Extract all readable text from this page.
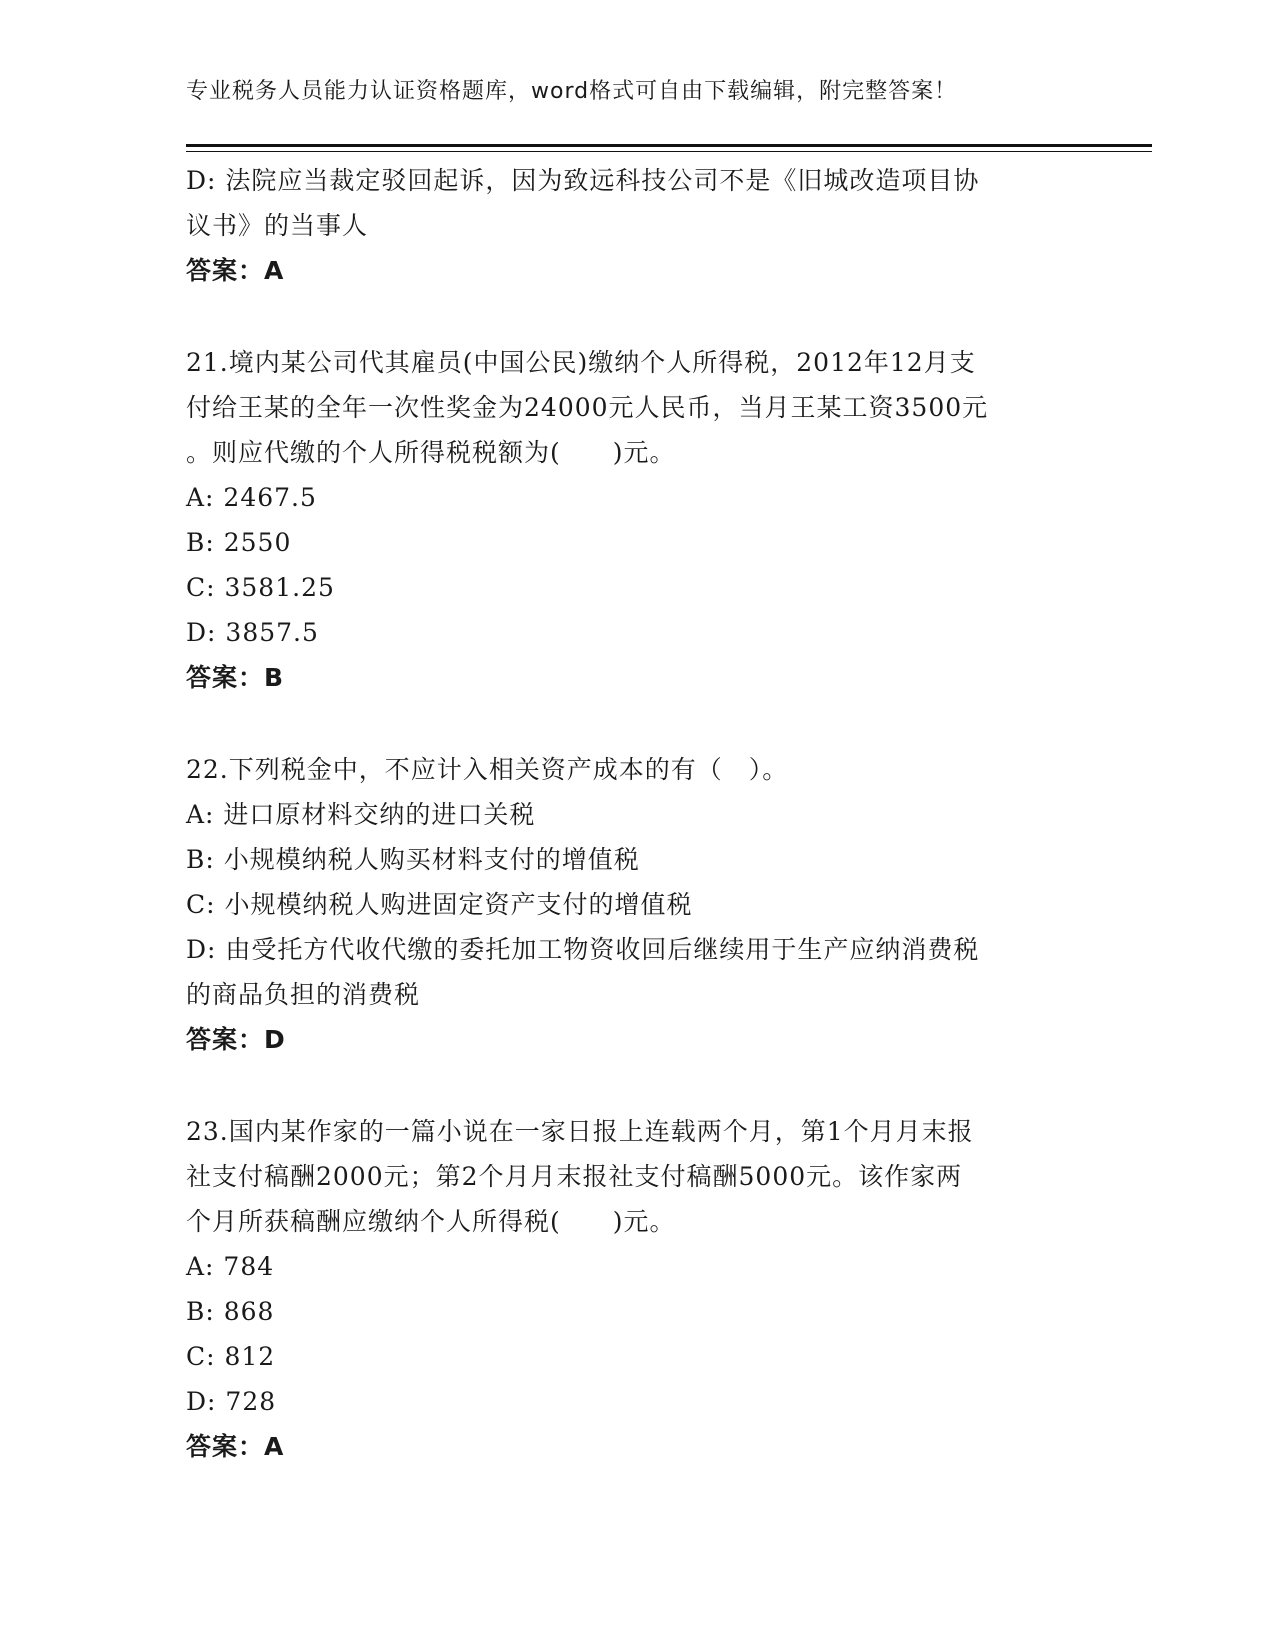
专业税务人员能力认证资格题库，word格式可自由下载编辑，附完整答案！
D: 法院应当裁定驳回起诉，因为致远科技公司不是《旧城改造项目协
议书》的当事人
答案：A
21.境内某公司代其雇员(中国公民)缴纳个人所得税，2012年12月支
付给王某的全年一次性奖金为24000元人民币，当月王某工资3500元
。则应代缴的个人所得税税额为(　　)元。
A: 2467.5
B: 2550
C: 3581.25
D: 3857.5
答案：B
22.下列税金中，不应计入相关资产成本的有（　）。
A: 进口原材料交纳的进口关税
B: 小规模纳税人购买材料支付的增值税
C: 小规模纳税人购进固定资产支付的增值税
D: 由受托方代收代缴的委托加工物资收回后继续用于生产应纳消费税
的商品负担的消费税
答案：D
23.国内某作家的一篇小说在一家日报上连载两个月，第1个月月末报
社支付稿酬2000元；第2个月月末报社支付稿酬5000元。该作家两
个月所获稿酬应缴纳个人所得税(　　)元。
A: 784
B: 868
C: 812
D: 728
答案：A
